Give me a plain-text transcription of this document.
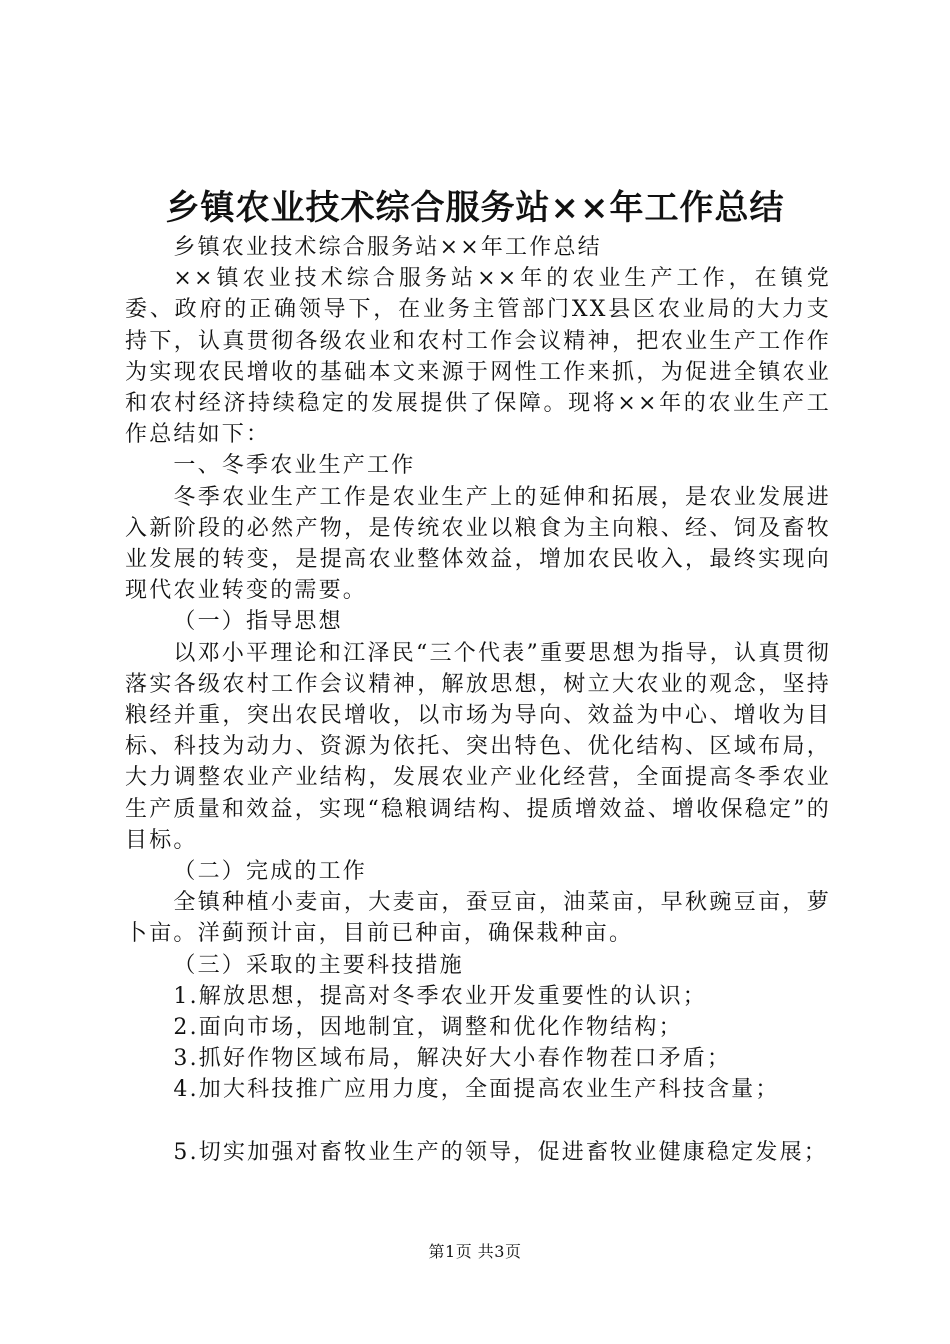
乡镇农业技术综合服务站××年工作总结

乡镇农业技术综合服务站××年工作总结

××镇农业技术综合服务站××年的农业生产工作，在镇党委、政府的正确领导下，在业务主管部门XX县区农业局的大力支持下，认真贯彻各级农业和农村工作会议精神，把农业生产工作作为实现农民增收的基础本文来源于网性工作来抓，为促进全镇农业和农村经济持续稳定的发展提供了保障。现将××年的农业生产工作总结如下：

一、冬季农业生产工作

冬季农业生产工作是农业生产上的延伸和拓展，是农业发展进入新阶段的必然产物，是传统农业以粮食为主向粮、经、饲及畜牧业发展的转变，是提高农业整体效益，增加农民收入，最终实现向现代农业转变的需要。

（一）指导思想

以邓小平理论和江泽民“三个代表”重要思想为指导，认真贯彻落实各级农村工作会议精神，解放思想，树立大农业的观念，坚持粮经并重，突出农民增收，以市场为导向、效益为中心、增收为目标、科技为动力、资源为依托、突出特色、优化结构、区域布局，大力调整农业产业结构，发展农业产业化经营，全面提高冬季农业生产质量和效益，实现“稳粮调结构、提质增效益、增收保稳定”的目标。

（二）完成的工作

全镇种植小麦亩，大麦亩，蚕豆亩，油菜亩，早秋豌豆亩，萝卜亩。洋蓟预计亩，目前已种亩，确保栽种亩。

（三）采取的主要科技措施

1.解放思想，提高对冬季农业开发重要性的认识；

2.面向市场，因地制宜，调整和优化作物结构；

3.抓好作物区域布局，解决好大小春作物茬口矛盾；

4.加大科技推广应用力度，全面提高农业生产科技含量；

5.切实加强对畜牧业生产的领导，促进畜牧业健康稳定发展；

第1页 共3页
